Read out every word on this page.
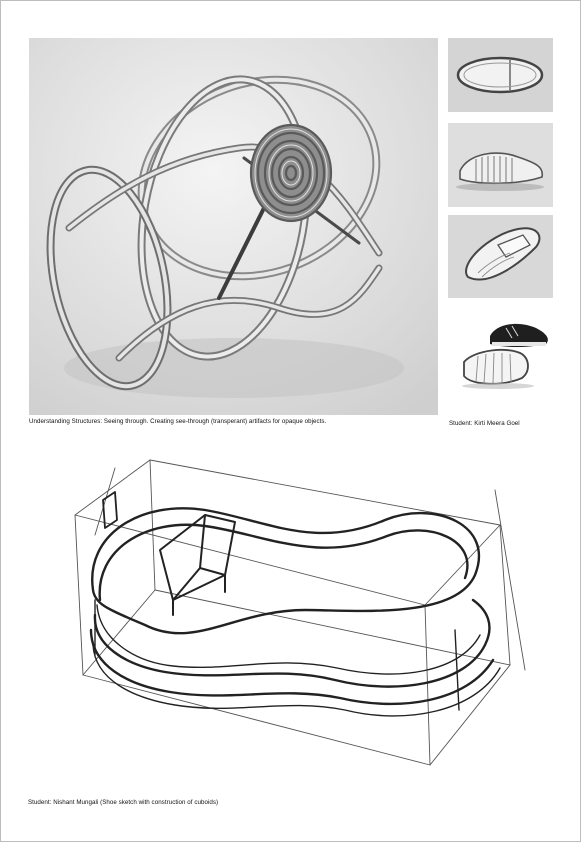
Understanding Structures: Seeing through. Creating see-through (transperant) artifacts for opaque objects.	Student: Kirti Meera Goel
Student: Nishant Mungali (Shoe sketch with construction of cuboids)
